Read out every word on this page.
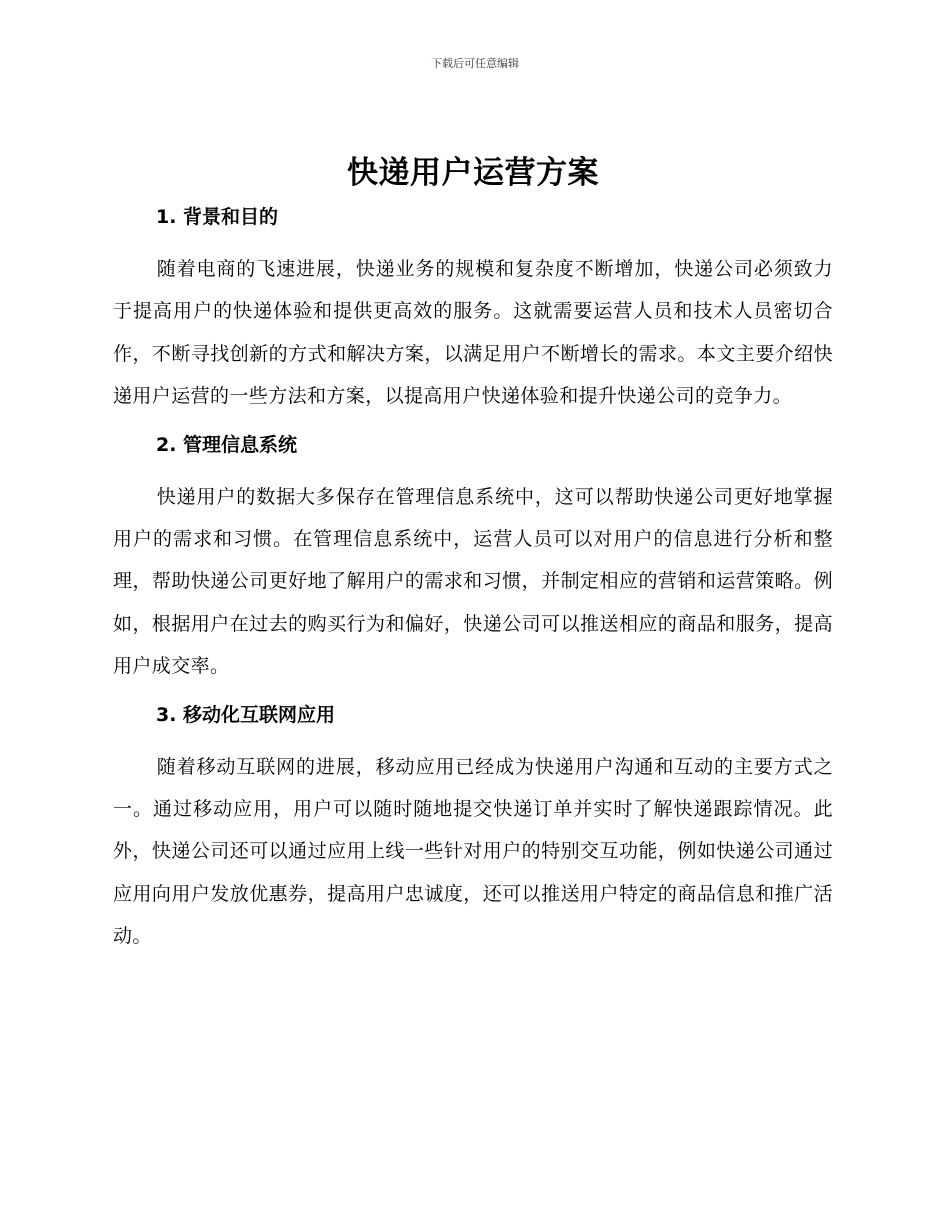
下载后可任意编辑
快递用户运营方案
1. 背景和目的

随着电商的飞速进展，快递业务的规模和复杂度不断增加，快递公司必须致力于提高用户的快递体验和提供更高效的服务。这就需要运营人员和技术人员密切合作，不断寻找创新的方式和解决方案，以满足用户不断增长的需求。本文主要介绍快递用户运营的一些方法和方案，以提高用户快递体验和提升快递公司的竞争力。

2. 管理信息系统

快递用户的数据大多保存在管理信息系统中，这可以帮助快递公司更好地掌握用户的需求和习惯。在管理信息系统中，运营人员可以对用户的信息进行分析和整理，帮助快递公司更好地了解用户的需求和习惯，并制定相应的营销和运营策略。例如，根据用户在过去的购买行为和偏好，快递公司可以推送相应的商品和服务，提高用户成交率。

3. 移动化互联网应用

随着移动互联网的进展，移动应用已经成为快递用户沟通和互动的主要方式之一。通过移动应用，用户可以随时随地提交快递订单并实时了解快递跟踪情况。此外，快递公司还可以通过应用上线一些针对用户的特别交互功能，例如快递公司通过应用向用户发放优惠券，提高用户忠诚度，还可以推送用户特定的商品信息和推广活动。
